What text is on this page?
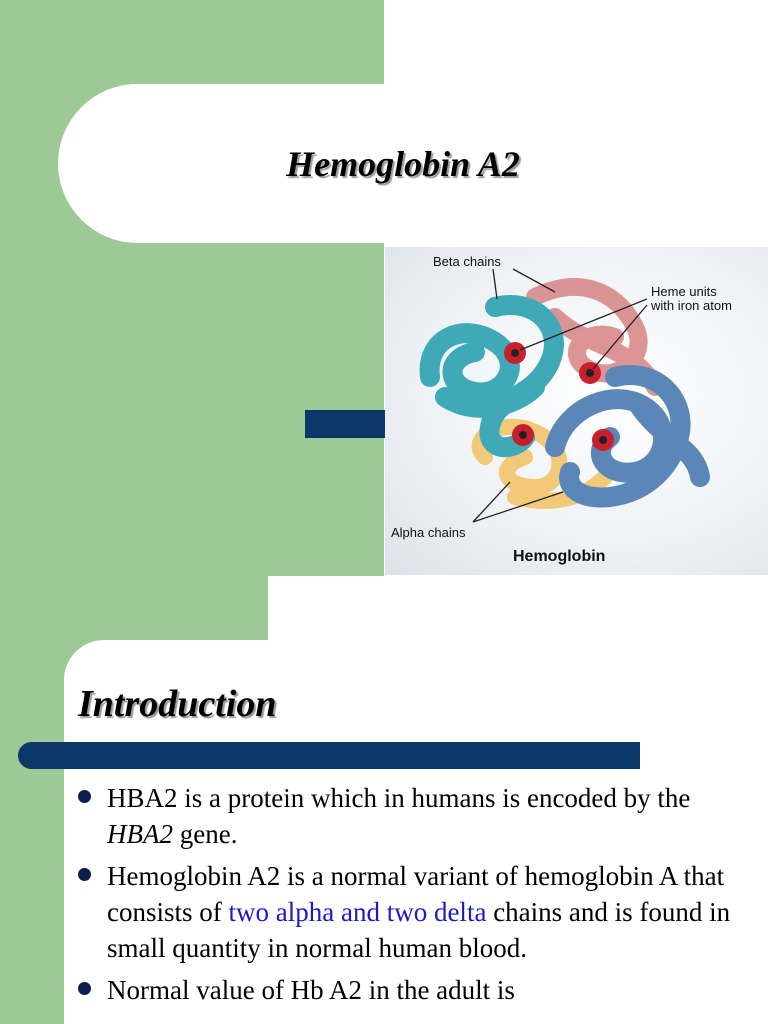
Hemoglobin A2
Beta chains
Heme units
with iron atom
Alpha chains
Hemoglobin
Introduction
HBA2 is a protein which in humans is encoded by the HBA2 gene.
Hemoglobin A2 is a normal variant of hemoglobin A that consists of two alpha and two delta chains and is found in small quantity in normal human blood.
Normal value of Hb A2 in the adult is
